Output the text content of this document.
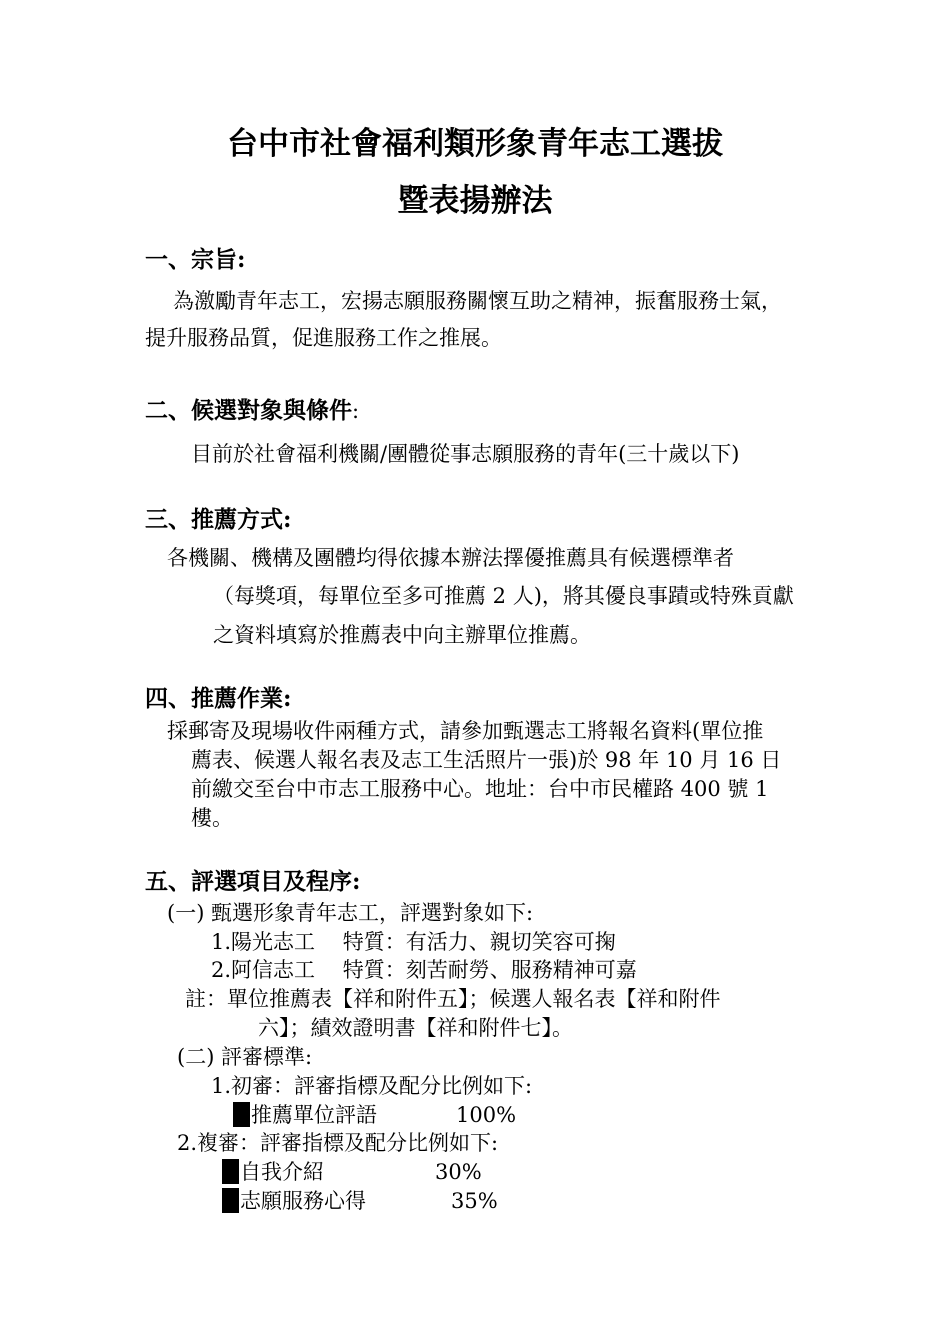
台中市社會福利類形象青年志工選拔
暨表揚辦法
一、宗旨:
為激勵青年志工，宏揚志願服務關懷互助之精神，振奮服務士氣，
提升服務品質，促進服務工作之推展。
二、候選對象與條件:
目前於社會福利機關/團體從事志願服務的青年(三十歲以下)
三、推薦方式:
各機關、機構及團體均得依據本辦法擇優推薦具有候選標準者
（每獎項，每單位至多可推薦 2 人)，將其優良事蹟或特殊貢獻
之資料填寫於推薦表中向主辦單位推薦。
四、推薦作業:
採郵寄及現場收件兩種方式，請參加甄選志工將報名資料(單位推
薦表、候選人報名表及志工生活照片一張)於 98 年 10 月 16 日
前繳交至台中市志工服務中心。地址：台中市民權路 400 號 1
樓。
五、評選項目及程序:
(一) 甄選形象青年志工，評選對象如下:
1.陽光志工　 特質：有活力、親切笑容可掬
2.阿信志工　 特質：刻苦耐勞、服務精神可嘉
註：單位推薦表【祥和附件五】；候選人報名表【祥和附件
六】；績效證明書【祥和附件七】。
(二) 評審標準:
1.初審：評審指標及配分比例如下:
推薦單位評語	100%
2.複審：評審指標及配分比例如下:
自我介紹	30%
志願服務心得	35%
